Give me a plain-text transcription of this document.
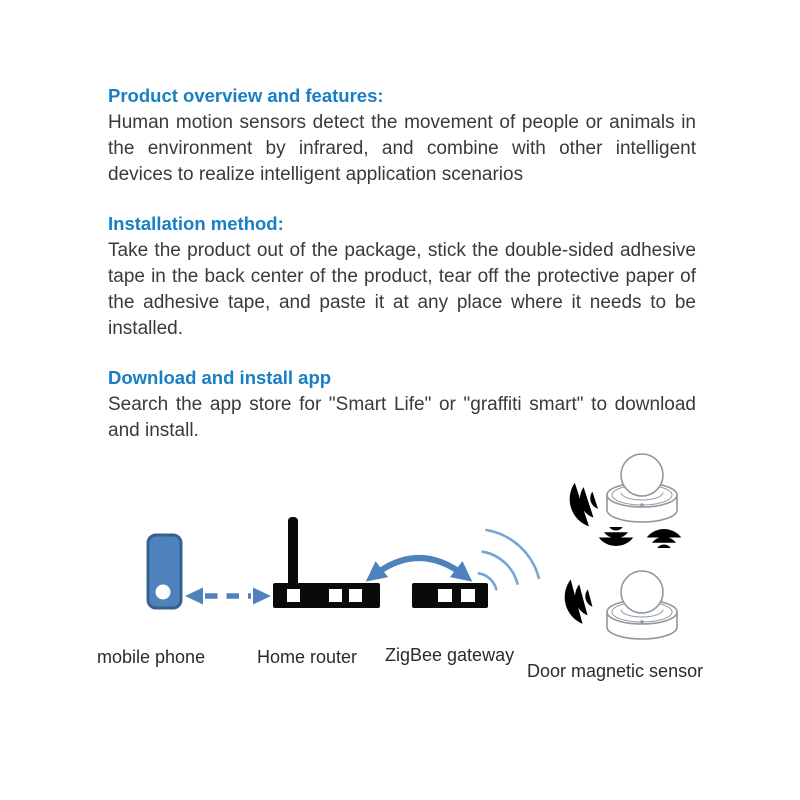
Product overview and features:

Human motion sensors detect the movement of people or animals in the environment by infrared, and combine with other intelligent devices to realize intelligent application scenarios

Installation method:

Take the product out of the package, stick the double-sided adhesive tape in the back center of the product, tear off the protective paper of the adhesive tape, and paste it at any place where it needs to be installed.

Download and install app

Search the app store for "Smart Life" or "graffiti smart" to download and install.

mobile phone	Home router ZigBee gateway
Door magnetic sensor
